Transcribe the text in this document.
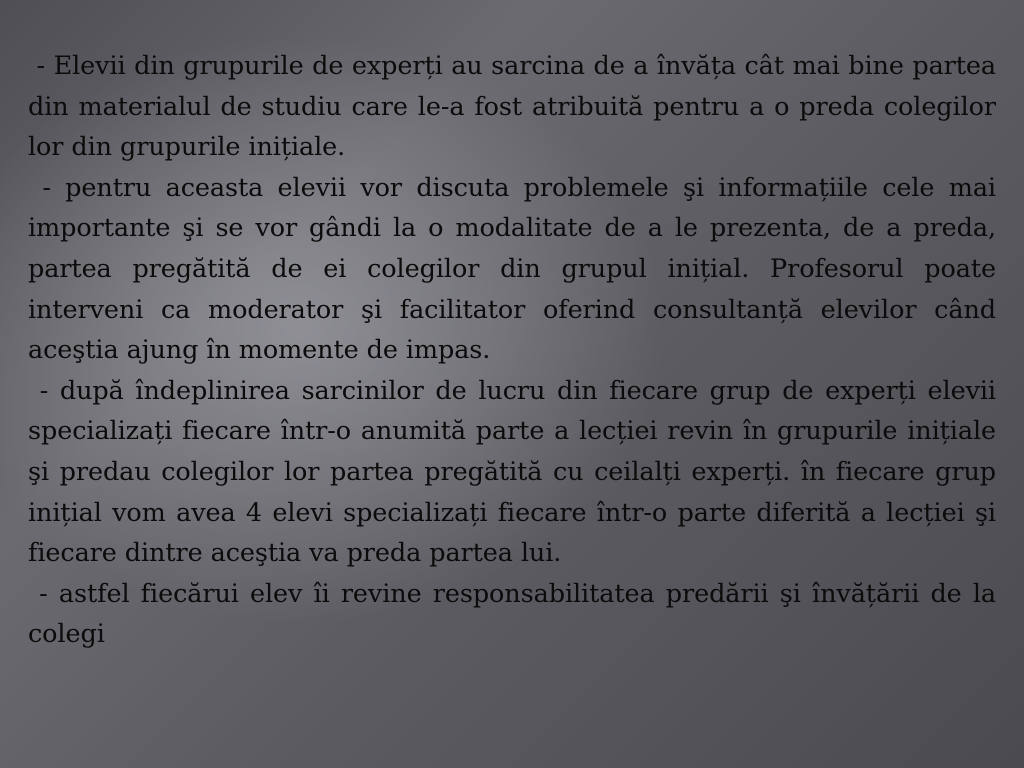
- Elevii din grupurile de experți au sarcina de a învăța cât mai bine partea din materialul de studiu care le-a fost atribuită pentru a o preda colegilor lor din grupurile inițiale.

- pentru aceasta elevii vor discuta problemele şi informațiile cele mai importante şi se vor gândi la o modalitate de a le prezenta, de a preda, partea pregătită de ei colegilor din grupul inițial. Profesorul poate interveni ca moderator şi facilitator oferind consultanță elevilor când aceştia ajung în momente de impas.

- după îndeplinirea sarcinilor de lucru din fiecare grup de experți elevii specializați fiecare într-o anumită parte a lecției revin în grupurile inițiale şi predau colegilor lor partea pregătită cu ceilalți experți. în fiecare grup inițial vom avea 4 elevi specializați fiecare într-o parte diferită a lecției şi fiecare dintre aceştia va preda partea lui.

- astfel fiecărui elev îi revine responsabilitatea predării şi învățării de la colegi
